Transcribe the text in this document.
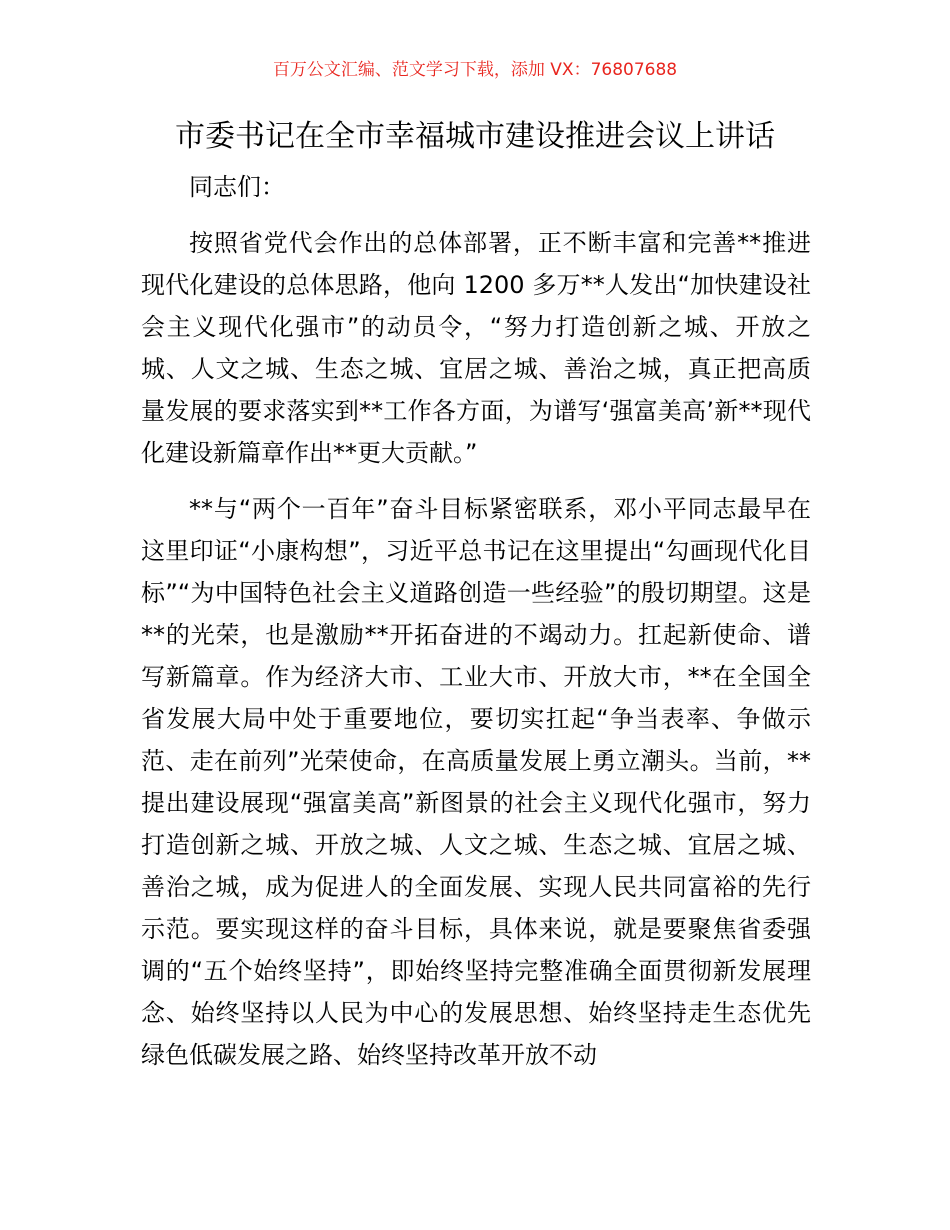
百万公文汇编、范文学习下载，添加 VX：76807688
市委书记在全市幸福城市建设推进会议上讲话

同志们：

按照省党代会作出的总体部署，正不断丰富和完善**推进现代化建设的总体思路，他向 1200 多万**人发出“加快建设社会主义现代化强市”的动员令，“努力打造创新之城、开放之城、人文之城、生态之城、宜居之城、善治之城，真正把高质量发展的要求落实到**工作各方面，为谱写‘强富美高’新**现代化建设新篇章作出**更大贡献。”

**与“两个一百年”奋斗目标紧密联系，邓小平同志最早在这里印证“小康构想”，习近平总书记在这里提出“勾画现代化目标”“为中国特色社会主义道路创造一些经验”的殷切期望。这是**的光荣，也是激励**开拓奋进的不竭动力。扛起新使命、谱写新篇章。作为经济大市、工业大市、开放大市，**在全国全省发展大局中处于重要地位，要切实扛起“争当表率、争做示范、走在前列”光荣使命，在高质量发展上勇立潮头。当前，**提出建设展现“强富美高”新图景的社会主义现代化强市，努力打造创新之城、开放之城、人文之城、生态之城、宜居之城、善治之城，成为促进人的全面发展、实现人民共同富裕的先行示范。要实现这样的奋斗目标，具体来说，就是要聚焦省委强调的“五个始终坚持”，即始终坚持完整准确全面贯彻新发展理念、始终坚持以人民为中心的发展思想、始终坚持走生态优先绿色低碳发展之路、始终坚持改革开放不动
